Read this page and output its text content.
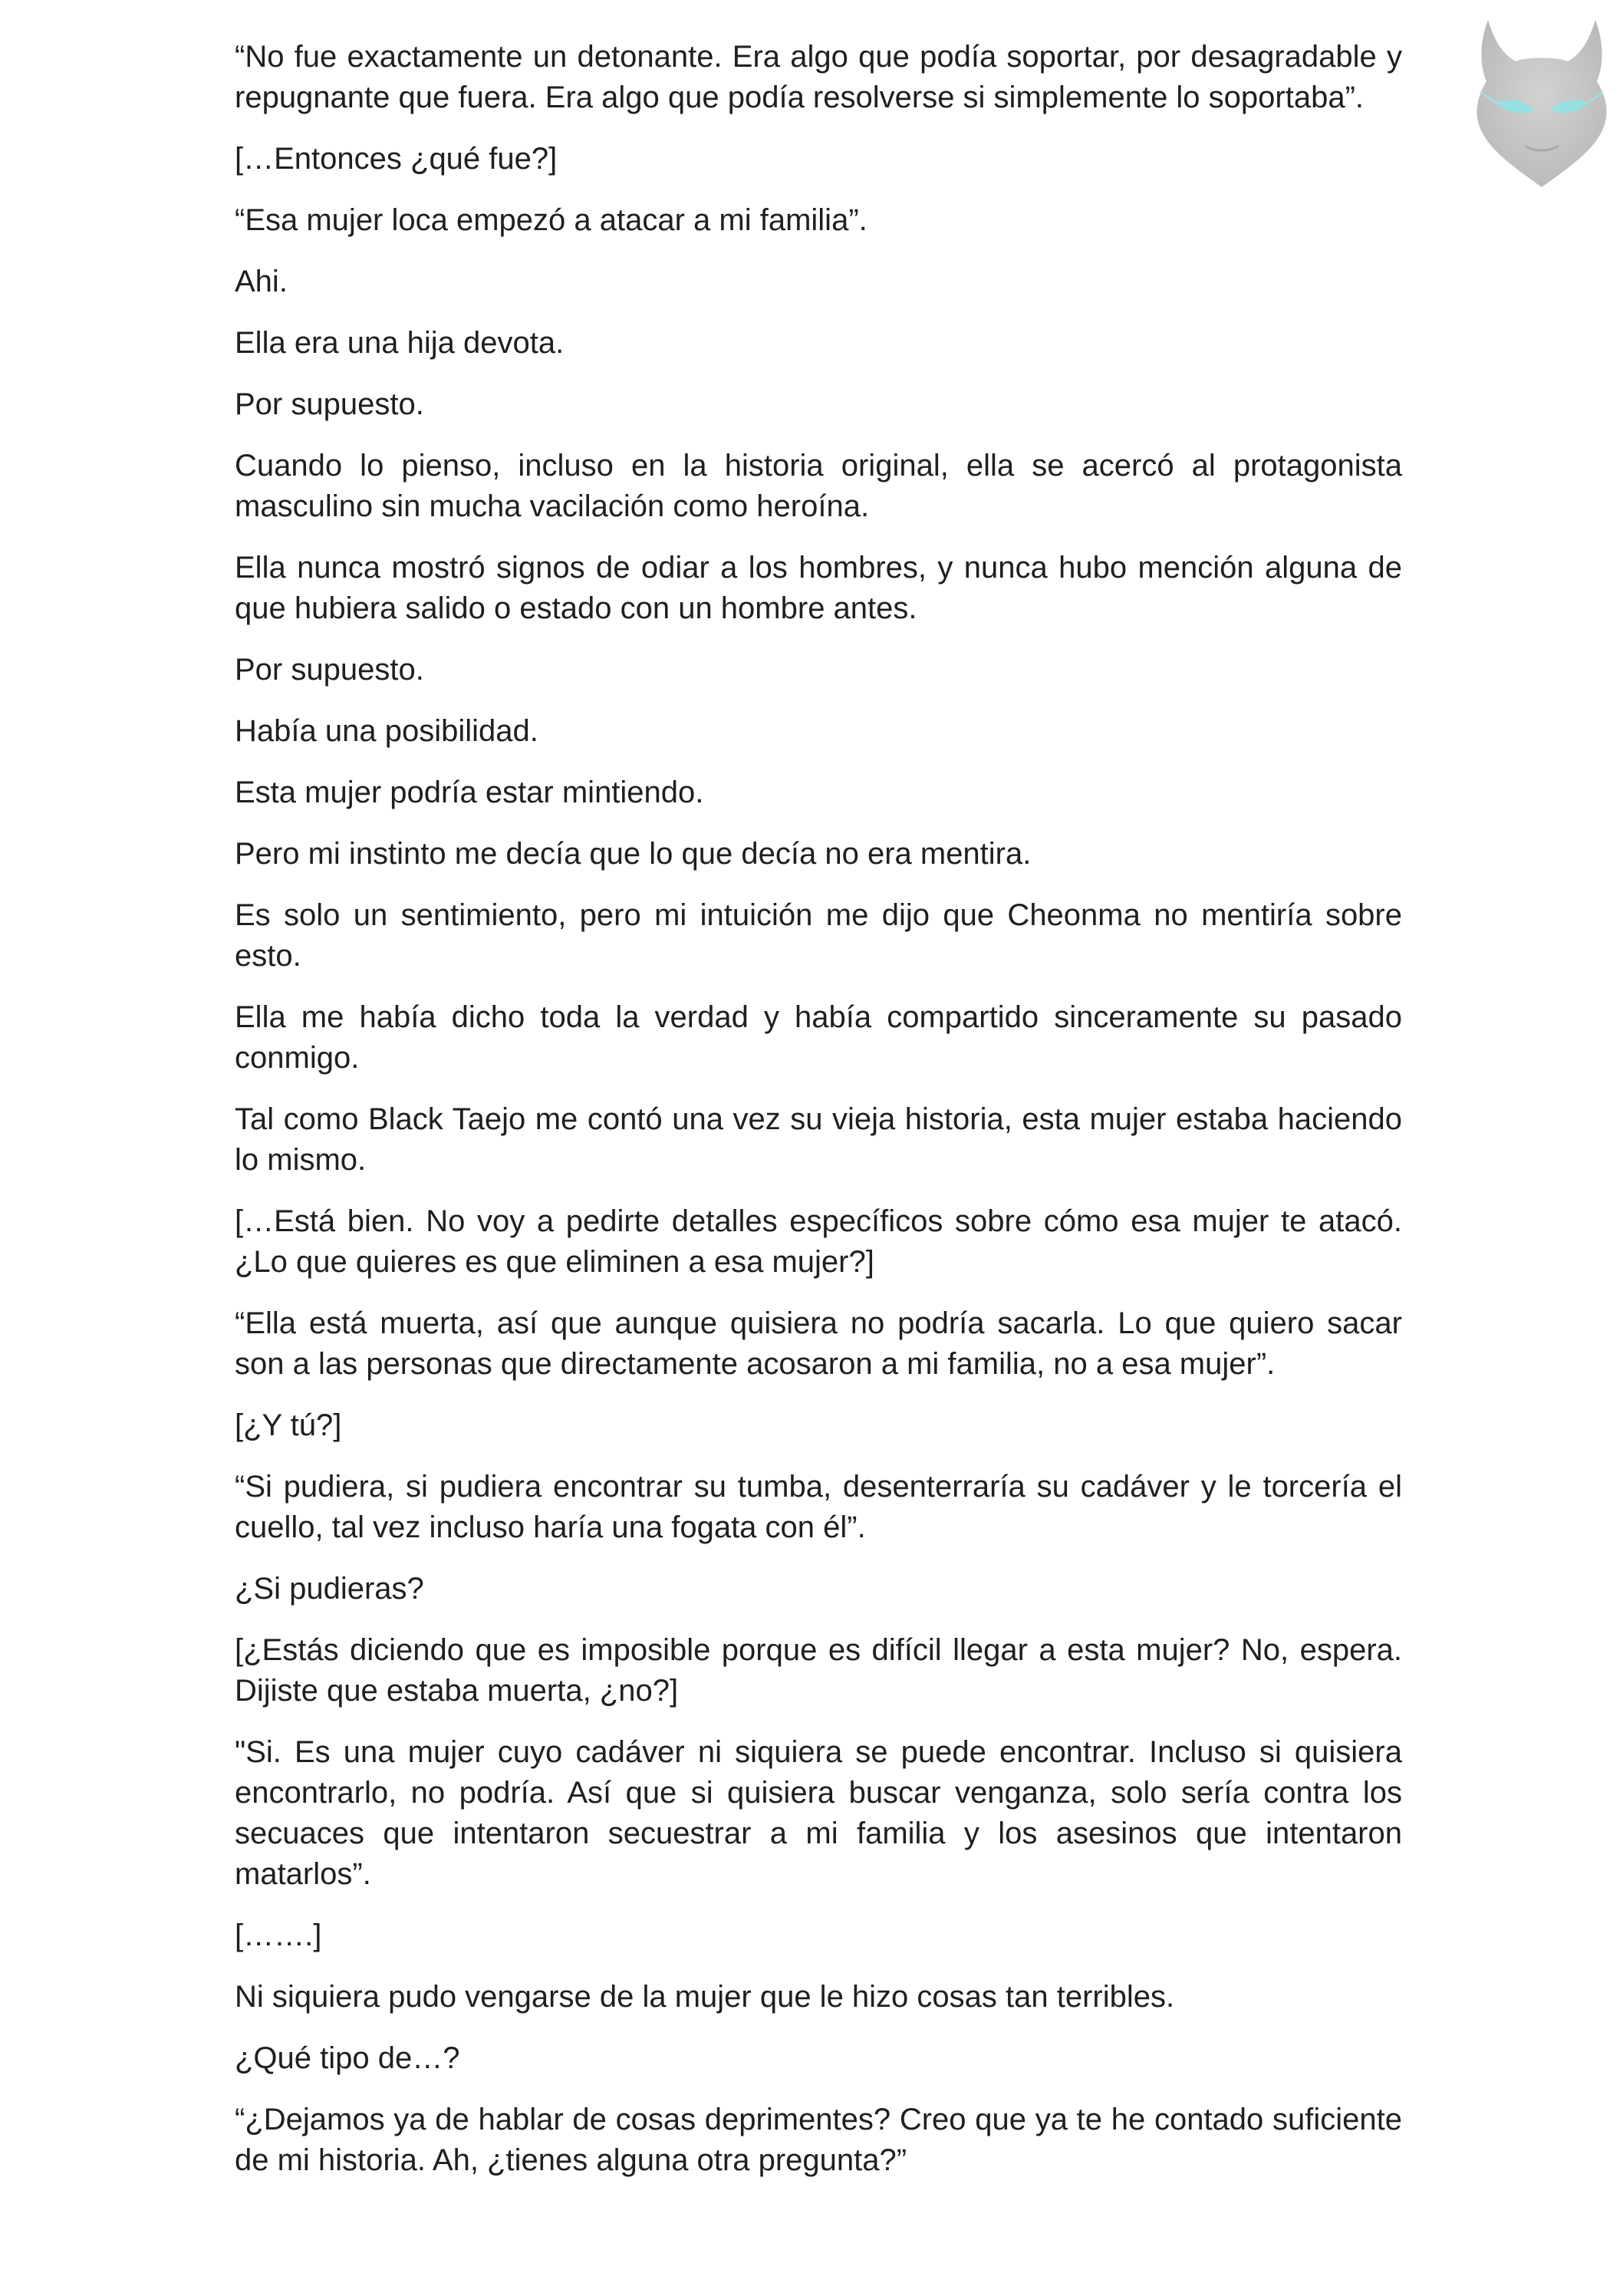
“No fue exactamente un detonante. Era algo que podía soportar, por desagradable y repugnante que fuera. Era algo que podía resolverse si simplemente lo soportaba”.

[…Entonces ¿qué fue?]

“Esa mujer loca empezó a atacar a mi familia”.

Ahi.

Ella era una hija devota.

Por supuesto.

Cuando lo pienso, incluso en la historia original, ella se acercó al protagonista masculino sin mucha vacilación como heroína.

Ella nunca mostró signos de odiar a los hombres, y nunca hubo mención alguna de que hubiera salido o estado con un hombre antes.

Por supuesto.

Había una posibilidad.

Esta mujer podría estar mintiendo.

Pero mi instinto me decía que lo que decía no era mentira.

Es solo un sentimiento, pero mi intuición me dijo que Cheonma no mentiría sobre esto.

Ella me había dicho toda la verdad y había compartido sinceramente su pasado conmigo.

Tal como Black Taejo me contó una vez su vieja historia, esta mujer estaba haciendo lo mismo.

[…Está bien. No voy a pedirte detalles específicos sobre cómo esa mujer te atacó. ¿Lo que quieres es que eliminen a esa mujer?]

“Ella está muerta, así que aunque quisiera no podría sacarla. Lo que quiero sacar son a las personas que directamente acosaron a mi familia, no a esa mujer”.

[¿Y tú?]

“Si pudiera, si pudiera encontrar su tumba, desenterraría su cadáver y le torcería el cuello, tal vez incluso haría una fogata con él”.

¿Si pudieras?

[¿Estás diciendo que es imposible porque es difícil llegar a esta mujer? No, espera. Dijiste que estaba muerta, ¿no?]

"Si. Es una mujer cuyo cadáver ni siquiera se puede encontrar. Incluso si quisiera encontrarlo, no podría. Así que si quisiera buscar venganza, solo sería contra los secuaces que intentaron secuestrar a mi familia y los asesinos que intentaron matarlos”.

[…….]

Ni siquiera pudo vengarse de la mujer que le hizo cosas tan terribles.

¿Qué tipo de…?

“¿Dejamos ya de hablar de cosas deprimentes? Creo que ya te he contado suficiente de mi historia. Ah, ¿tienes alguna otra pregunta?”
